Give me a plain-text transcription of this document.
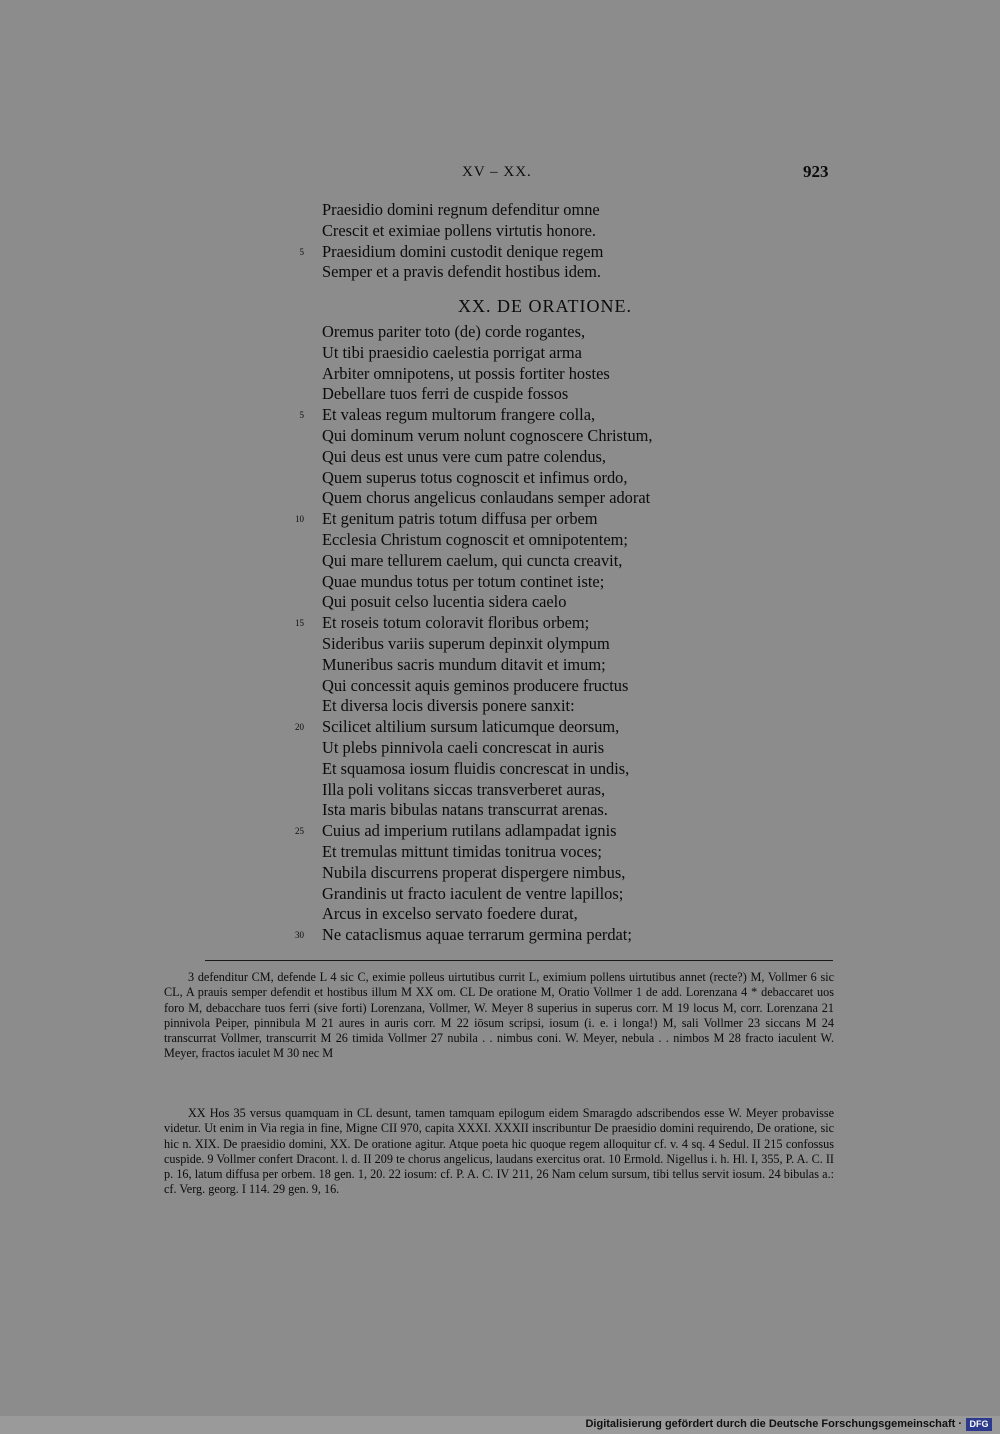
XV – XX.	923
Praesidio domini regnum defenditur omne
Crescit et eximiae pollens virtutis honore.
5 Praesidium domini custodit denique regem
Semper et a pravis defendit hostibus idem.
XX. DE ORATIONE.
Oremus pariter toto (de) corde rogantes,
Ut tibi praesidio caelestia porrigat arma
Arbiter omnipotens, ut possis fortiter hostes
Debellare tuos ferri de cuspide fossos
5 Et valeas regum multorum frangere colla,
Qui dominum verum nolunt cognoscere Christum,
Qui deus est unus vere cum patre colendus,
Quem superus totus cognoscit et infimus ordo,
Quem chorus angelicus conlaudans semper adorat
10 Et genitum patris totum diffusa per orbem
Ecclesia Christum cognoscit et omnipotentem;
Qui mare tellurem caelum, qui cuncta creavit,
Quae mundus totus per totum continet iste;
Qui posuit celso lucentia sidera caelo
15 Et roseis totum coloravit floribus orbem;
Sideribus variis superum depinxit olympum
Muneribus sacris mundum ditavit et imum;
Qui concessit aquis geminos producere fructus
Et diversa locis diversis ponere sanxit:
20 Scilicet altilium sursum laticumque deorsum,
Ut plebs pinnivola caeli concrescat in auris
Et squamosa iosum fluidis concrescat in undis,
Illa poli volitans siccas transverberet auras,
Ista maris bibulas natans transcurrat arenas.
25 Cuius ad imperium rutilans adlampadat ignis
Et tremulas mittunt timidas tonitrua voces;
Nubila discurrens properat dispergere nimbus,
Grandinis ut fracto iaculent de ventre lapillos;
Arcus in excelso servato foedere durat,
30 Ne cataclismus aquae terrarum germina perdat;

3 defenditur CM, defende L 4 sic C, eximie polleus uirtutibus currit L, eximium pollens uirtutibus annet (recte?) M, Vollmer 6 sic CL, A prauis semper defendit et hostibus illum M XX om. CL De oratione M, Oratio Vollmer 1 de add. Lorenzana 4 * debaccaret uos foro M, debacchare tuos ferri (sive forti) Lorenzana, Vollmer, W. Meyer 8 superius in superus corr. M 19 locus M, corr. Lorenzana 21 pinnivola Peiper, pinnibula M 21 aures in auris corr. M 22 iōsum scripsi, iosum (i. e. i longa!) M, sali Vollmer 23 siccans M 24 transcurrat Vollmer, transcurrit M 26 timida Vollmer 27 nubila . . nimbus coni. W. Meyer, nebula . . nimbos M 28 fracto iaculent W. Meyer, fractos iaculet M 30 nec M

XX Hos 35 versus quamquam in CL desunt, tamen tamquam epilogum eidem Smaragdo adscribendos esse W. Meyer probavisse videtur. Ut enim in Via regia in fine, Migne CII 970, capita XXXI. XXXII inscribuntur De praesidio domini requirendo, De oratione, sic hic n. XIX. De praesidio domini, XX. De oratione agitur. Atque poeta hic quoque regem alloquitur cf. v. 4 sq. 4 Sedul. II 215 confossus cuspide. 9 Vollmer confert Dracont. l. d. II 209 te chorus angelicus, laudans exercitus orat. 10 Ermold. Nigellus i. h. Hl. I, 355, P. A. C. II p. 16, latum diffusa per orbem. 18 gen. 1, 20. 22 iosum: cf. P. A. C. IV 211, 26 Nam celum sursum, tibi tellus servit iosum. 24 bibulas a.: cf. Verg. georg. I 114. 29 gen. 9, 16.

Digitalisierung gefördert durch die Deutsche Forschungsgemeinschaft · DFG
